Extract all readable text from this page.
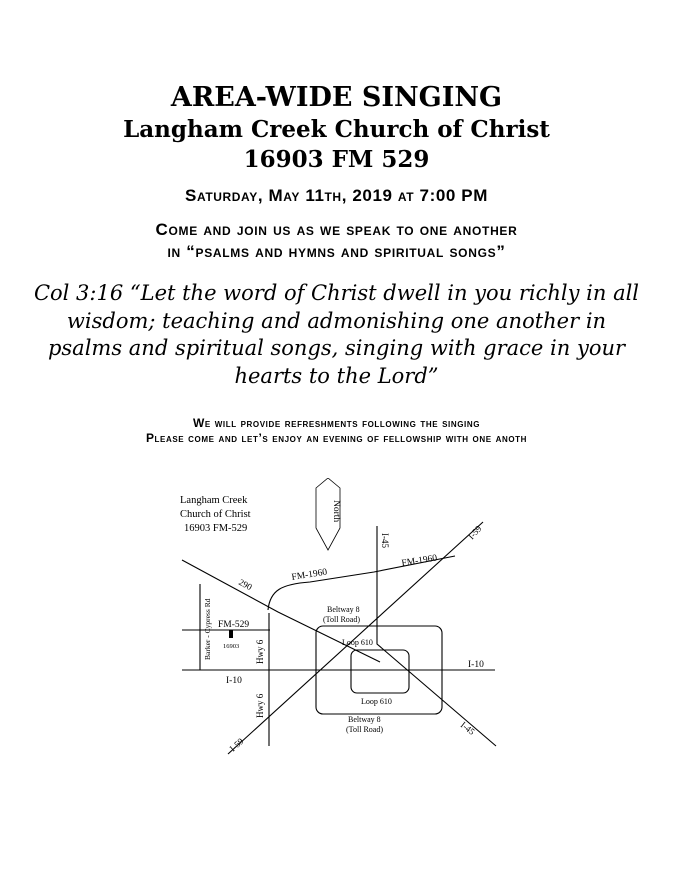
AREA-WIDE SINGING
Langham Creek Church of Christ
16903 FM 529
Saturday, May 11th, 2019 at 7:00 PM
Come and join us as we speak to one another
in “psalms and hymns and spiritual songs”
Col 3:16 “Let the word of Christ dwell in you richly in all
wisdom; teaching and admonishing one another in
psalms and spiritual songs, singing with grace in your
hearts to the Lord”
We will provide refreshments following the singing
Please come and let’s enjoy an evening of fellowship with one anoth
Langham Creek
Church of Christ
16903 FM-529
North
16903
I-45
I-45
I-59
I-59
FM-1960
FM-1960
290
Barker - Cypress Rd FM-529
Hwy 6
Hwy 6
I-10
I-10
Beltway 8
(Toll Road)
Loop 610
Loop 610
Beltway 8
(Toll Road)
